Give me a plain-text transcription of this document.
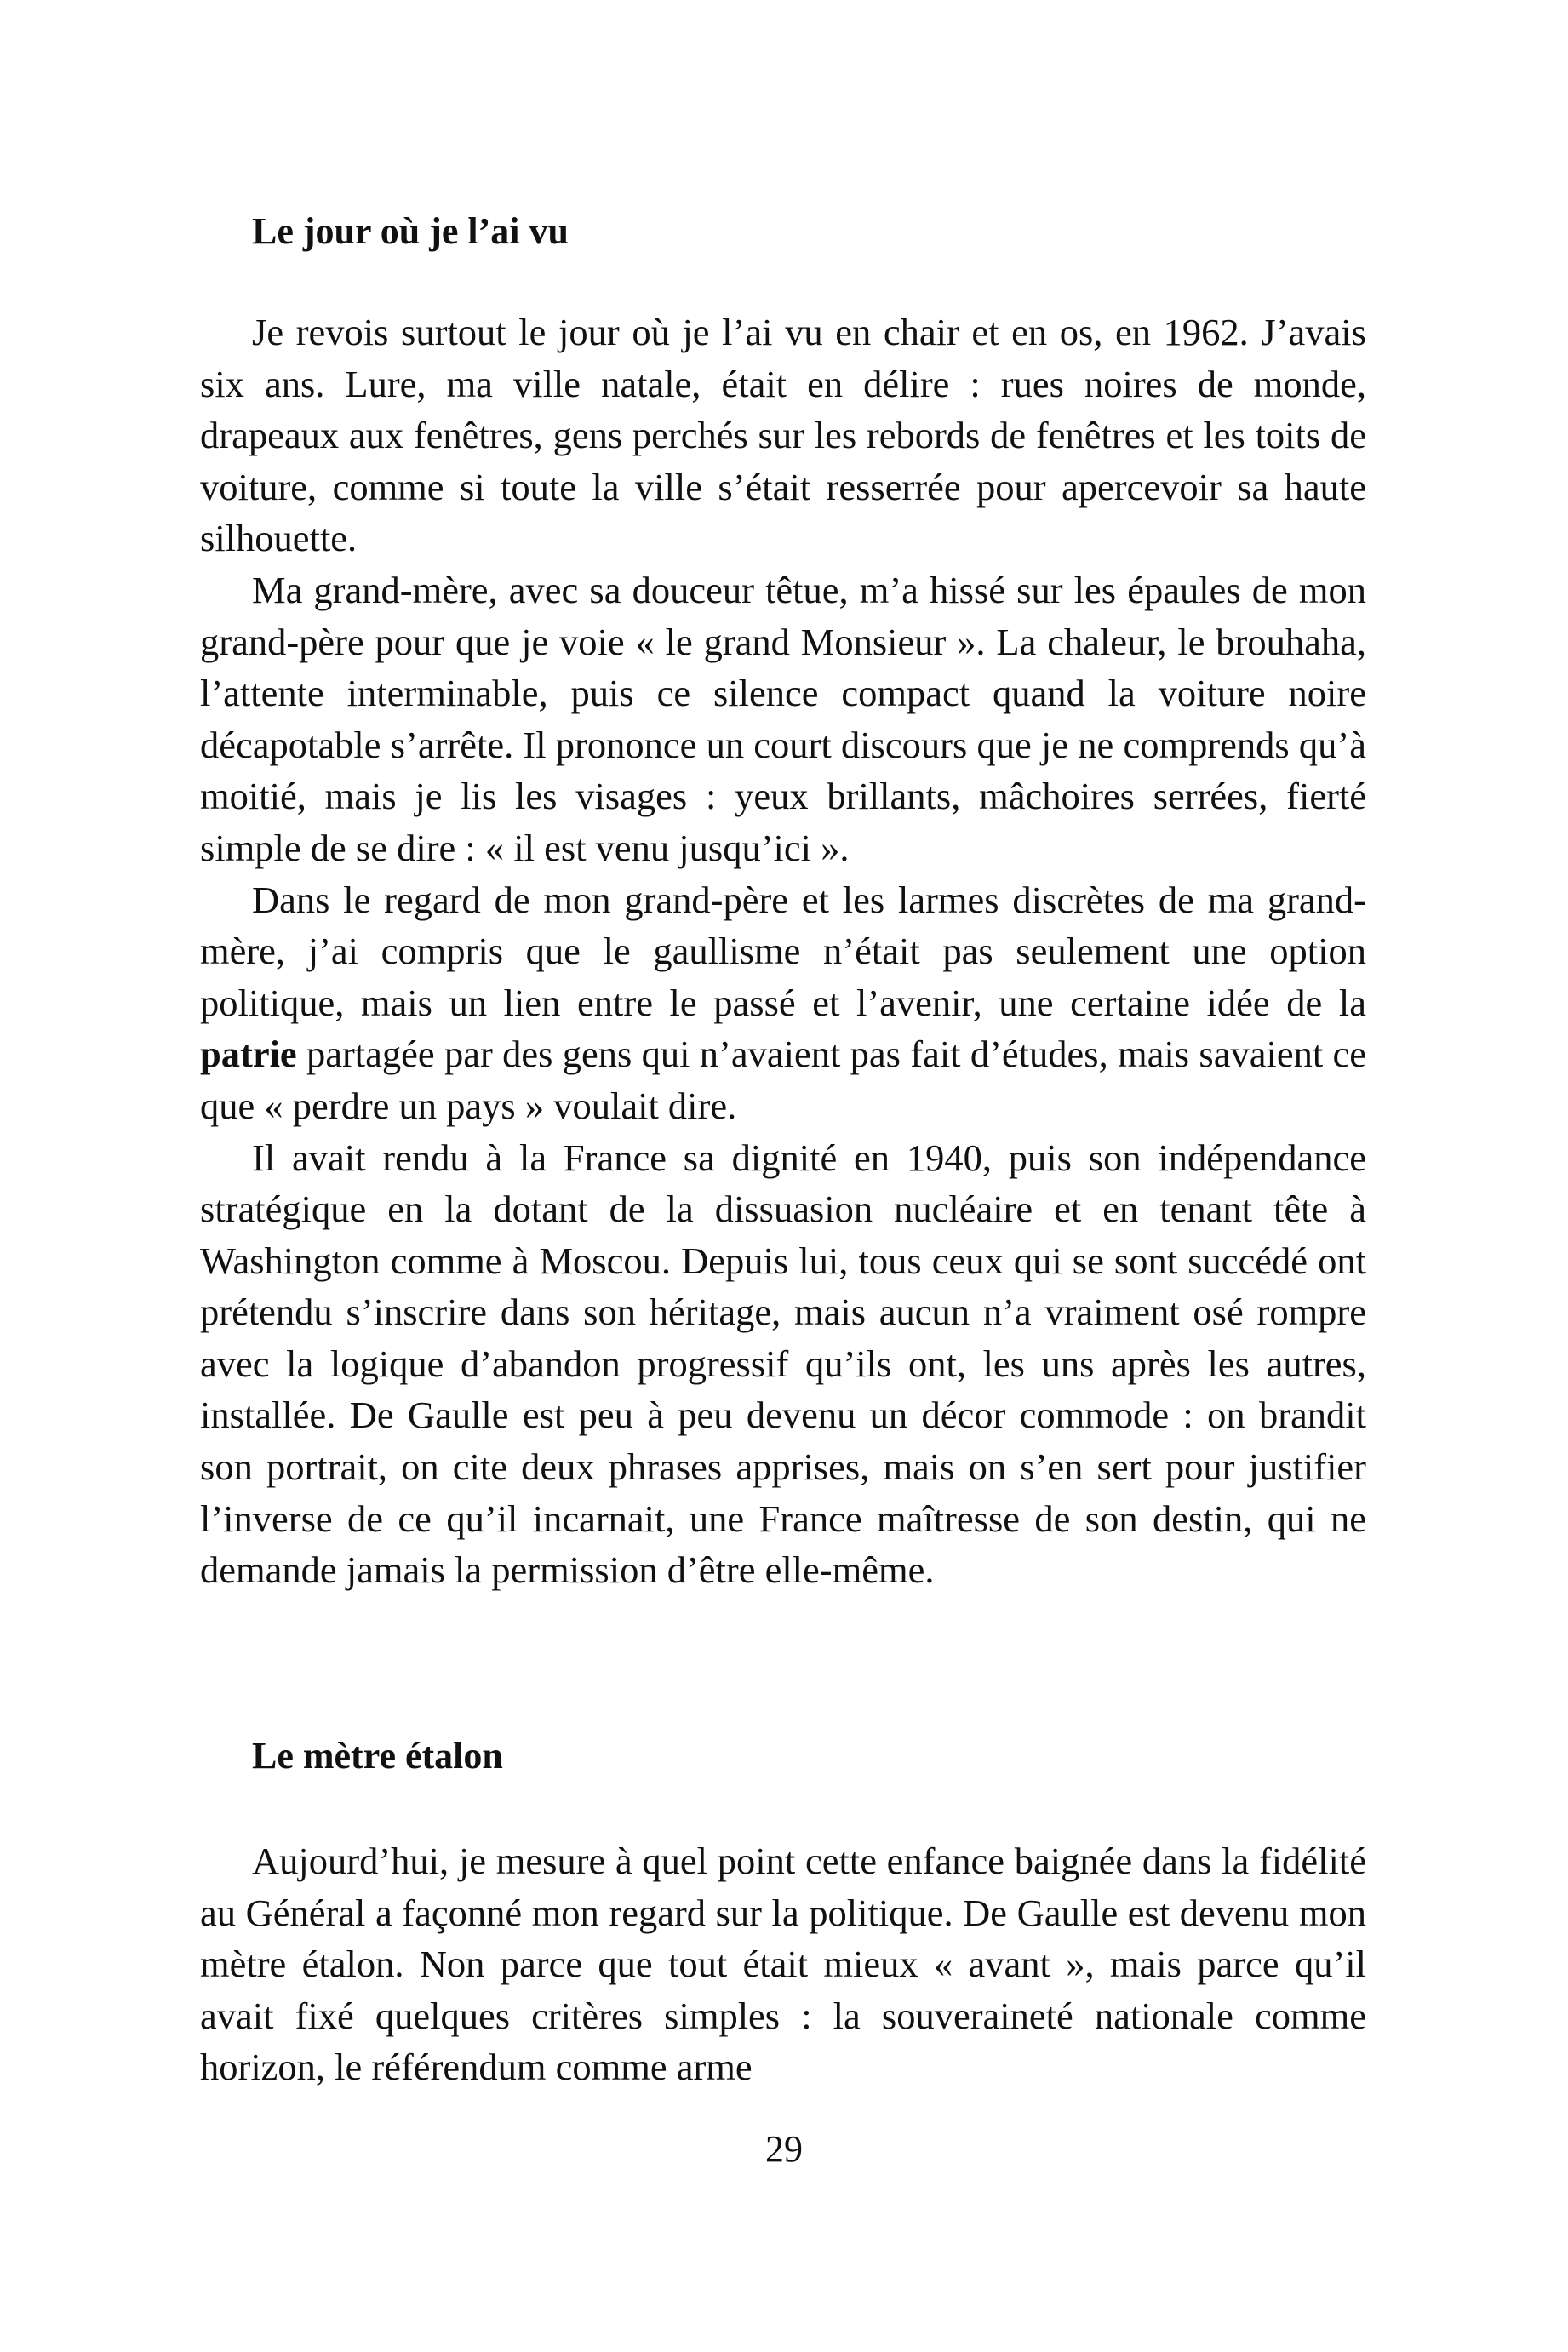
Le jour où je l’ai vu

Je revois surtout le jour où je l’ai vu en chair et en os, en 1962. J’avais six ans. Lure, ma ville natale, était en délire : rues noires de monde, drapeaux aux fenêtres, gens perchés sur les rebords de fenêtres et les toits de voiture, comme si toute la ville s’était resserrée pour apercevoir sa haute silhouette.

Ma grand-mère, avec sa douceur têtue, m’a hissé sur les épaules de mon grand-père pour que je voie « le grand Monsieur ». La chaleur, le brouhaha, l’attente interminable, puis ce silence compact quand la voiture noire décapotable s’arrête. Il prononce un court discours que je ne comprends qu’à moitié, mais je lis les visages : yeux brillants, mâchoires serrées, fierté simple de se dire : « il est venu jusqu’ici ».

Dans le regard de mon grand-père et les larmes discrètes de ma grand-mère, j’ai compris que le gaullisme n’était pas seulement une option politique, mais un lien entre le passé et l’avenir, une certaine idée de la patrie partagée par des gens qui n’avaient pas fait d’études, mais savaient ce que « perdre un pays » voulait dire.

Il avait rendu à la France sa dignité en 1940, puis son indépendance stratégique en la dotant de la dissuasion nucléaire et en tenant tête à Washington comme à Moscou. Depuis lui, tous ceux qui se sont succédé ont prétendu s’inscrire dans son héritage, mais aucun n’a vraiment osé rompre avec la logique d’abandon progressif qu’ils ont, les uns après les autres, installée. De Gaulle est peu à peu devenu un décor commode : on brandit son portrait, on cite deux phrases apprises, mais on s’en sert pour justifier l’inverse de ce qu’il incarnait, une France maîtresse de son destin, qui ne demande jamais la permission d’être elle-même.

Le mètre étalon

Aujourd’hui, je mesure à quel point cette enfance baignée dans la fidélité au Général a façonné mon regard sur la politique. De Gaulle est devenu mon mètre étalon. Non parce que tout était mieux « avant », mais parce qu’il avait fixé quelques critères simples : la souveraineté nationale comme horizon, le référendum comme arme

29
